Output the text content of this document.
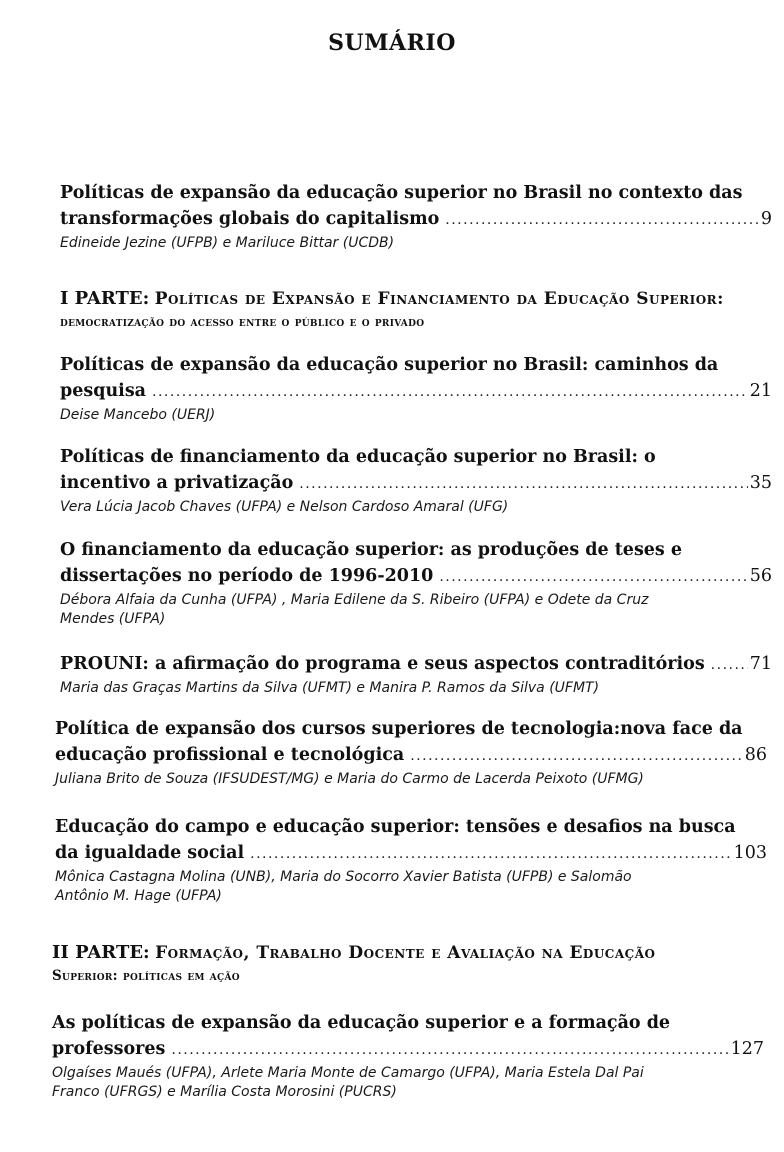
SUMÁRIO
Políticas de expansão da educação superior no Brasil no contexto das
transformações globais do capitalismo .....	9
Edineide Jezine (UFPB) e Mariluce Bittar (UCDB)
I PARTE: Políticas de Expansão e Financiamento da Educação Superior:
democratização do acesso entre o público e o privado
Políticas de expansão da educação superior no Brasil: caminhos da
pesquisa .....	21
Deise Mancebo (UERJ)
Políticas de financiamento da educação superior no Brasil: o
incentivo a privatização .....	35
Vera Lúcia Jacob Chaves (UFPA) e Nelson Cardoso Amaral (UFG)
O financiamento da educação superior: as produções de teses e
dissertações no período de 1996-2010 .....	56
Débora Alfaia da Cunha (UFPA) , Maria Edilene da S. Ribeiro (UFPA) e Odete da Cruz
Mendes (UFPA)
PROUNI: a afirmação do programa e seus aspectos contraditórios .....	71
Maria das Graças Martins da Silva (UFMT) e Manira P. Ramos da Silva (UFMT)
Política de expansão dos cursos superiores de tecnologia:nova face da
educação profissional e tecnológica .....	86
Juliana Brito de Souza (IFSUDEST/MG) e Maria do Carmo de Lacerda Peixoto (UFMG)
Educação do campo e educação superior: tensões e desafios na busca
da igualdade social .....	103
Mônica Castagna Molina (UNB), Maria do Socorro Xavier Batista (UFPB) e Salomão
Antônio M. Hage (UFPA)
II PARTE: Formação, Trabalho Docente e Avaliação na Educação
Superior: políticas em ação
As políticas de expansão da educação superior e a formação de
professores .....	127
Olgaíses Maués (UFPA), Arlete Maria Monte de Camargo (UFPA), Maria Estela Dal Pai
Franco (UFRGS) e Marília Costa Morosini (PUCRS)
